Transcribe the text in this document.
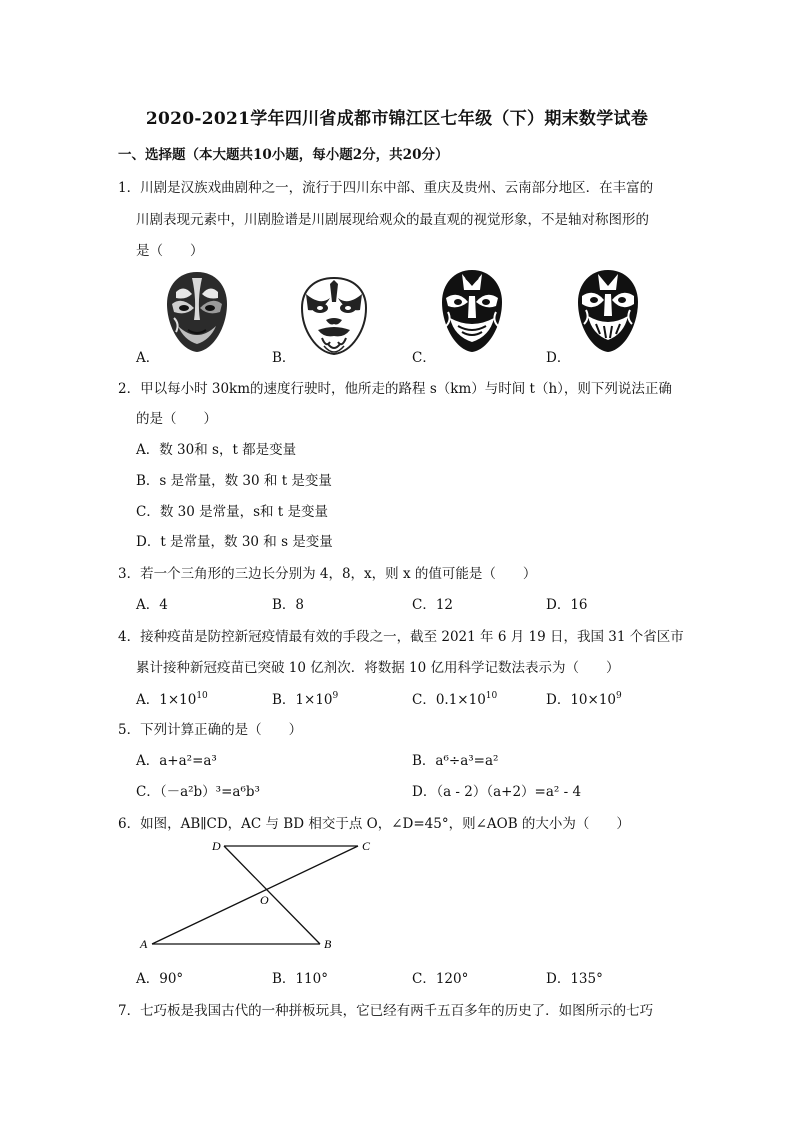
2020-2021学年四川省成都市锦江区七年级（下）期末数学试卷
一、选择题（本大题共10小题，每小题2分，共20分）
1．川剧是汉族戏曲剧种之一，流行于四川东中部、重庆及贵州、云南部分地区．在丰富的
川剧表现元素中，川剧脸谱是川剧展现给观众的最直观的视觉形象，不是轴对称图形的
是（　　）
A．	B．	C．	D．
2．甲以每小时 30km的速度行驶时，他所走的路程 s（km）与时间 t（h），则下列说法正确
的是（　　）
A．数 30和 s，t 都是变量
B．s 是常量，数 30 和 t 是变量
C．数 30 是常量，s和 t 是变量
D．t 是常量，数 30 和 s 是变量
3．若一个三角形的三边长分别为 4，8，x，则 x 的值可能是（　　）
A．4	B．8	C．12	D．16
4．接种疫苗是防控新冠疫情最有效的手段之一，截至 2021 年 6 月 19 日，我国 31 个省区市
累计接种新冠疫苗已突破 10 亿剂次．将数据 10 亿用科学记数法表示为（　　）
A．$1\times 10^{10}$	B．$1\times 10^9$	C．$0.1\times 10^{10}$	D．$10\times 10^9$
5．下列计算正确的是（　　）
A．a+a²=a³	B．a⁶÷a³=a²
C．（－a²b）³=a⁶b³	D．（a - 2）（a+2）=a² - 4
6．如图，AB∥CD，AC 与 BD 相交于点 O，∠D=45°，则∠AOB 的大小为（　　）
D	C
O
A	B
A．90°	B．110°	C．120°	D．135°
7．七巧板是我国古代的一种拼板玩具，它已经有两千五百多年的历史了．如图所示的七巧
